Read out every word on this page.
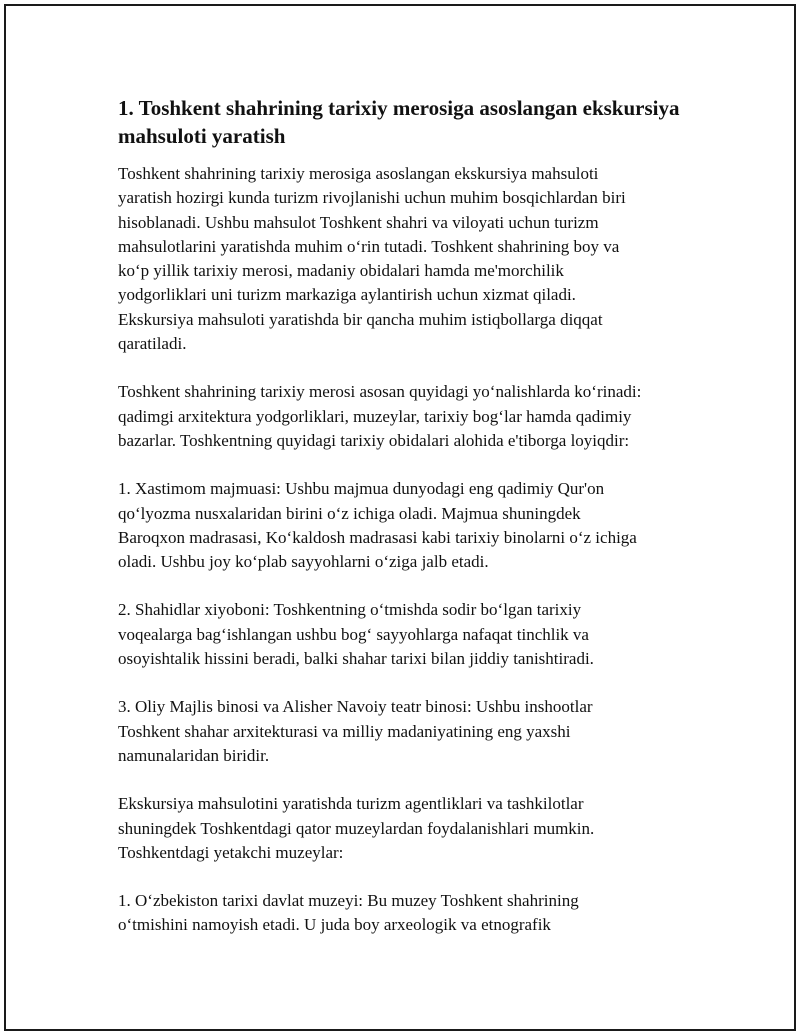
1. Toshkent shahrining tarixiy merosiga asoslangan ekskursiya mahsuloti yaratish

Toshkent shahrining tarixiy merosiga asoslangan ekskursiya mahsuloti
yaratish hozirgi kunda turizm rivojlanishi uchun muhim bosqichlardan biri
hisoblanadi. Ushbu mahsulot Toshkent shahri va viloyati uchun turizm
mahsulotlarini yaratishda muhim o‘rin tutadi. Toshkent shahrining boy va
ko‘p yillik tarixiy merosi, madaniy obidalari hamda me'morchilik
yodgorliklari uni turizm markaziga aylantirish uchun xizmat qiladi.
Ekskursiya mahsuloti yaratishda bir qancha muhim istiqbollarga diqqat
qaratiladi.

Toshkent shahrining tarixiy merosi asosan quyidagi yo‘nalishlarda ko‘rinadi:
qadimgi arxitektura yodgorliklari, muzeylar, tarixiy bog‘lar hamda qadimiy
bazarlar. Toshkentning quyidagi tarixiy obidalari alohida e'tiborga loyiqdir:

1. Xastimom majmuasi: Ushbu majmua dunyodagi eng qadimiy Qur'on
qo‘lyozma nusxalaridan birini o‘z ichiga oladi. Majmua shuningdek
Baroqxon madrasasi, Ko‘kaldosh madrasasi kabi tarixiy binolarni o‘z ichiga
oladi. Ushbu joy ko‘plab sayyohlarni o‘ziga jalb etadi.

2. Shahidlar xiyoboni: Toshkentning o‘tmishda sodir bo‘lgan tarixiy
voqealarga bag‘ishlangan ushbu bog‘ sayyohlarga nafaqat tinchlik va
osoyishtalik hissini beradi, balki shahar tarixi bilan jiddiy tanishtiradi.

3. Oliy Majlis binosi va Alisher Navoiy teatr binosi: Ushbu inshootlar
Toshkent shahar arxitekturasi va milliy madaniyatining eng yaxshi
namunalaridan biridir.

Ekskursiya mahsulotini yaratishda turizm agentliklari va tashkilotlar
shuningdek Toshkentdagi qator muzeylardan foydalanishlari mumkin.
Toshkentdagi yetakchi muzeylar:

1. O‘zbekiston tarixi davlat muzeyi: Bu muzey Toshkent shahrining
o‘tmishini namoyish etadi. U juda boy arxeologik va etnografik
